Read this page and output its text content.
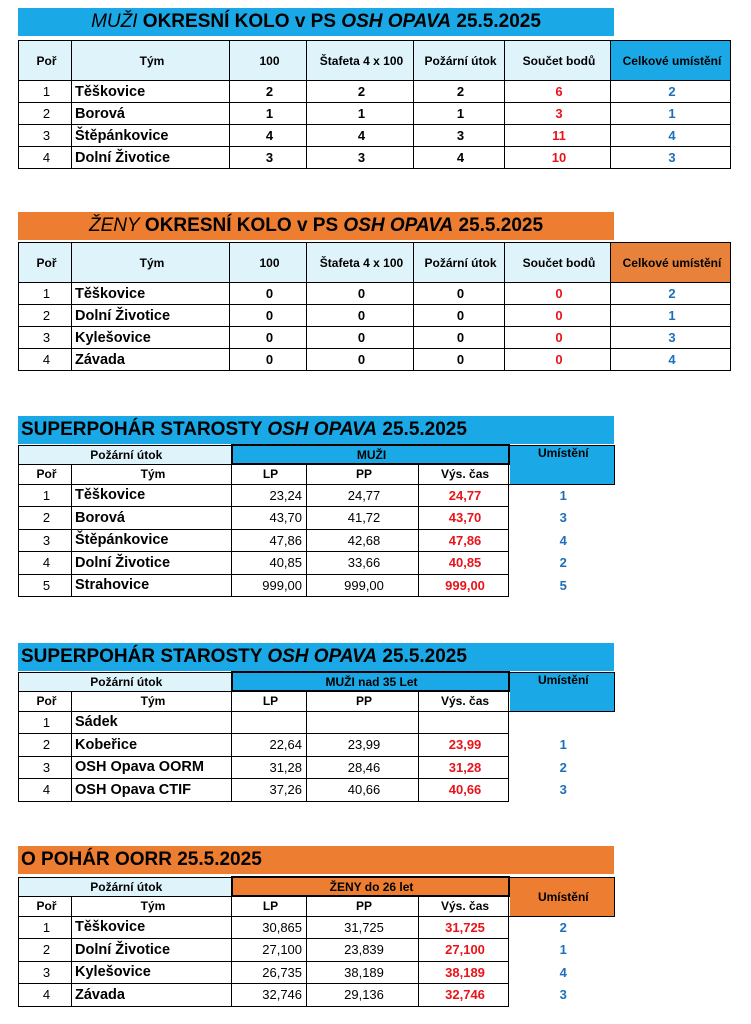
MUŽI OKRESNÍ KOLO v PS OSH OPAVA 25.5.2025
Poř	Tým	100	Štafeta 4 x 100	Požární útok	Součet bodů	Celkové umístění
1	Těškovice	2	2	2	6	2
2	Borová	1	1	1	3	1
3	Štěpánkovice	4	4	3	11	4
4	Dolní Životice	3	3	4	10	3
ŽENY OKRESNÍ KOLO v PS OSH OPAVA 25.5.2025
Poř	Tým	100	Štafeta 4 x 100	Požární útok	Součet bodů	Celkové umístění
1	Těškovice	0	0	0	0	2
2	Dolní Životice	0	0	0	0	1
3	Kylešovice	0	0	0	0	3
4	Závada	0	0	0	0	4
SUPERPOHÁR STAROSTY OSH OPAVA 25.5.2025
Požární útok		MUŽI			Umístění
Poř	Tým	LP	PP	Výs. čas	
1	Těškovice	23,24	24,77	24,77	1
2	Borová	43,70	41,72	43,70	3
3	Štěpánkovice	47,86	42,68	47,86	4
4	Dolní Životice	40,85	33,66	40,85	2
5	Strahovice	999,00	999,00	999,00	5
SUPERPOHÁR STAROSTY OSH OPAVA 25.5.2025
Požární útok		MUŽI nad 35 Let			Umístění
Poř	Tým	LP	PP	Výs. čas	
1	Sádek				
2	Kobeřice	22,64	23,99	23,99	1
3	OSH Opava OORM	31,28	28,46	31,28	2
4	OSH Opava CTIF	37,26	40,66	40,66	3
O POHÁR OORR 25.5.2025
Požární útok		ŽENY do 26 let			Umístění
Poř	Tým	LP	PP	Výs. čas	
1	Těškovice	30,865	31,725	31,725	2
2	Dolní Životice	27,100	23,839	27,100	1
3	Kylešovice	26,735	38,189	38,189	4
4	Závada	32,746	29,136	32,746	3
